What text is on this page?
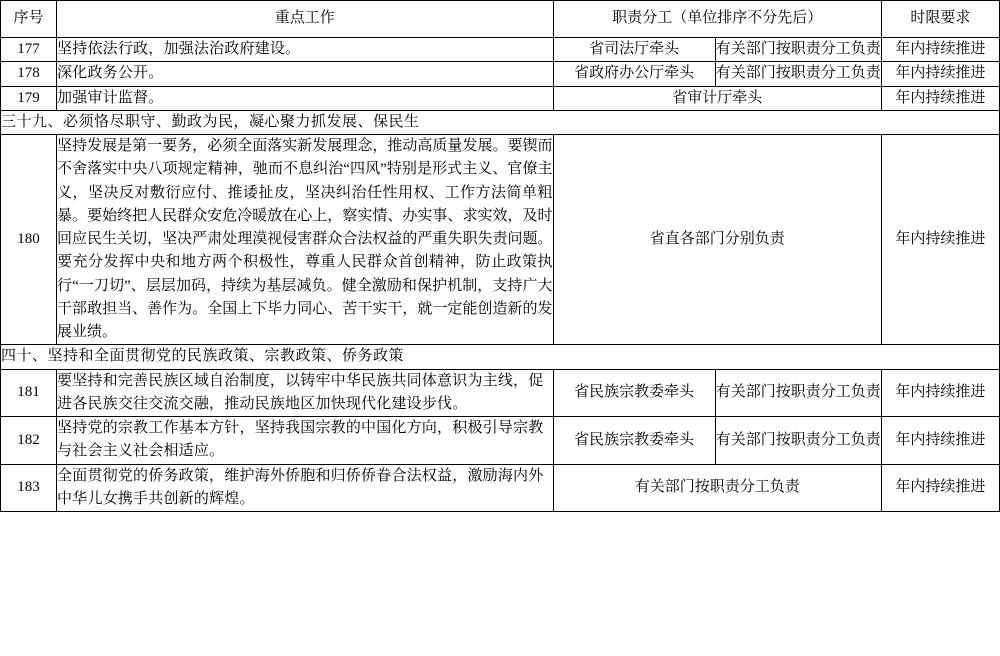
序号	重点工作	职责分工（单位排序不分先后）		时限要求
177	坚持依法行政，加强法治政府建设。	省司法厅牵头	有关部门按职责分工负责	年内持续推进
178	深化政务公开。	省政府办公厅牵头	有关部门按职责分工负责	年内持续推进
179	加强审计监督。	省审计厅牵头		年内持续推进
三十九、必须恪尽职守、勤政为民，凝心聚力抓发展、保民生				
180	坚持发展是第一要务，必须全面落实新发展理念，推动高质量发展。要锲而不舍落实中央八项规定精神，驰而不息纠治“四风”特别是形式主义、官僚主义，坚决反对敷衍应付、推诿扯皮，坚决纠治任性用权、工作方法简单粗暴。要始终把人民群众安危冷暖放在心上，察实情、办实事、求实效，及时回应民生关切，坚决严肃处理漠视侵害群众合法权益的严重失职失责问题。要充分发挥中央和地方两个积极性，尊重人民群众首创精神，防止政策执行“一刀切”、层层加码，持续为基层减负。健全激励和保护机制，支持广大干部敢担当、善作为。全国上下毕力同心、苦干实干，就一定能创造新的发展业绩。	省直各部门分别负责		年内持续推进
四十、坚持和全面贯彻党的民族政策、宗教政策、侨务政策				
181	要坚持和完善民族区域自治制度，以铸牢中华民族共同体意识为主线，促进各民族交往交流交融，推动民族地区加快现代化建设步伐。	省民族宗教委牵头	有关部门按职责分工负责	年内持续推进
182	坚持党的宗教工作基本方针，坚持我国宗教的中国化方向，积极引导宗教与社会主义社会相适应。	省民族宗教委牵头	有关部门按职责分工负责	年内持续推进
183	全面贯彻党的侨务政策，维护海外侨胞和归侨侨眷合法权益，激励海内外中华儿女携手共创新的辉煌。	有关部门按职责分工负责		年内持续推进
